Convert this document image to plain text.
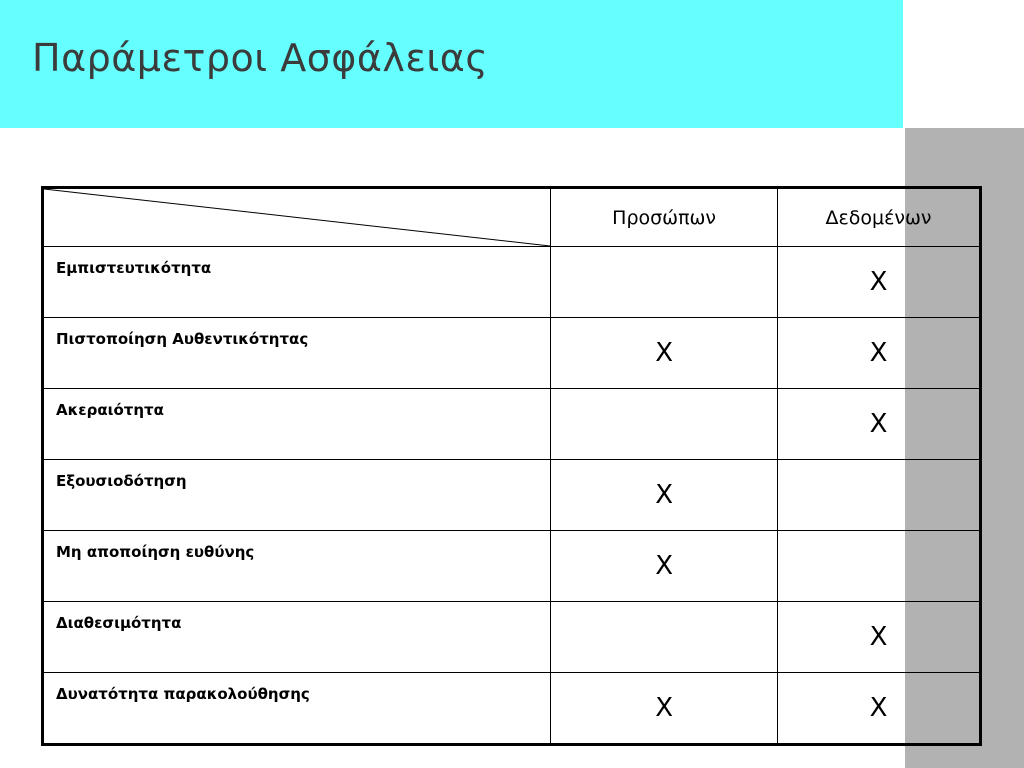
Παράμετροι Ασφάλειας
	Προσώπων	Δεδομένων
Εμπιστευτικότητα		X
Πιστοποίηση Αυθεντικότητας	X	X
Ακεραιότητα		X
Εξουσιοδότηση	X	
Μη αποποίηση ευθύνης	X	
Διαθεσιμότητα		X
Δυνατότητα παρακολούθησης	X	X
